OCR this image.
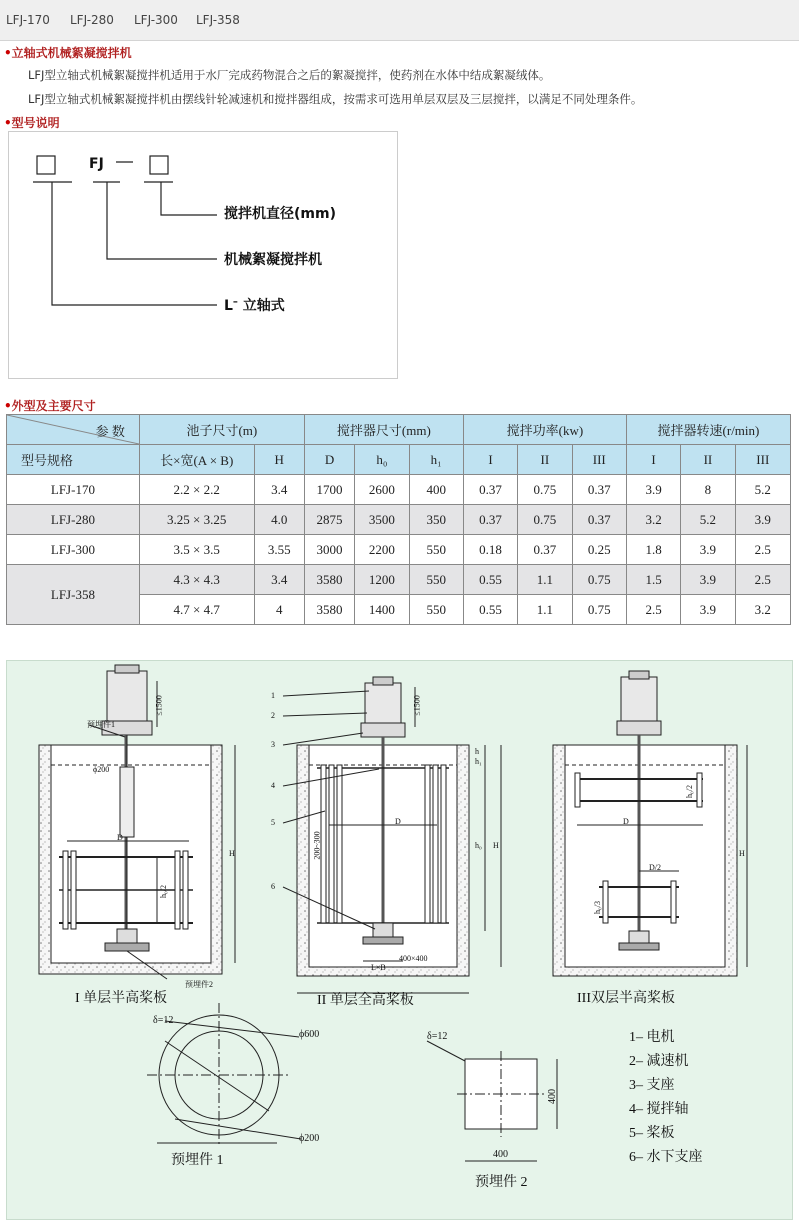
LFJ-170 LFJ-280 LFJ-300 LFJ-358
•立轴式机械絮凝搅拌机
LFJ型立轴式机械絮凝搅拌机适用于水厂完成药物混合之后的絮凝搅拌，使药剂在水体中结成絮凝绒体。
LFJ型立轴式机械絮凝搅拌机由摆线针轮减速机和搅拌器组成，按需求可选用单层双层及三层搅拌，以满足不同处理条件。
•型号说明
FJ
搅拌机直径(mm)
机械絮凝搅拌机
L– 立轴式
•外型及主要尺寸
参 数	池子尺寸(m)		搅拌器尺寸(mm)			搅拌功率(kw)			搅拌器转速(r/min)		
型号规格	长×宽(A × B)	H	D	h₀	h₁	I	II	III	I	II	III
LFJ-170	2.2 × 2.2	3.4	1700	2600	400	0.37	0.75	0.37	3.9	8	5.2
LFJ-280	3.25 × 3.25	4.0	2875	3500	350	0.37	0.75	0.37	3.2	5.2	3.9
LFJ-300	3.5 × 3.5	3.55	3000	2200	550	0.18	0.37	0.25	1.8	3.9	2.5
LFJ-358	4.3 × 4.3	3.4	3580	1200	550	0.55	1.1	0.75	1.5	3.9	2.5
	4.7 × 4.7	4	3580	1400	550	0.55	1.1	0.75	2.5	3.9	3.2
预埋件1
预埋件2
ϕ200
D
h₀/2
H
≤1500	1
2
3
4
5
6
200~300
D
h
h₁
h₀ H
≤1500
L×B
400×400
D
D/2
h₀/3
h₀/2
H
I 单层半高桨板	II 单层全高桨板	III双层半高桨板
δ=12
ϕ600
ϕ200
预埋件 1
δ=12
400
400
预埋件 2
1– 电机
2– 减速机
3– 支座
4– 搅拌轴
5– 桨板
6– 水下支座
